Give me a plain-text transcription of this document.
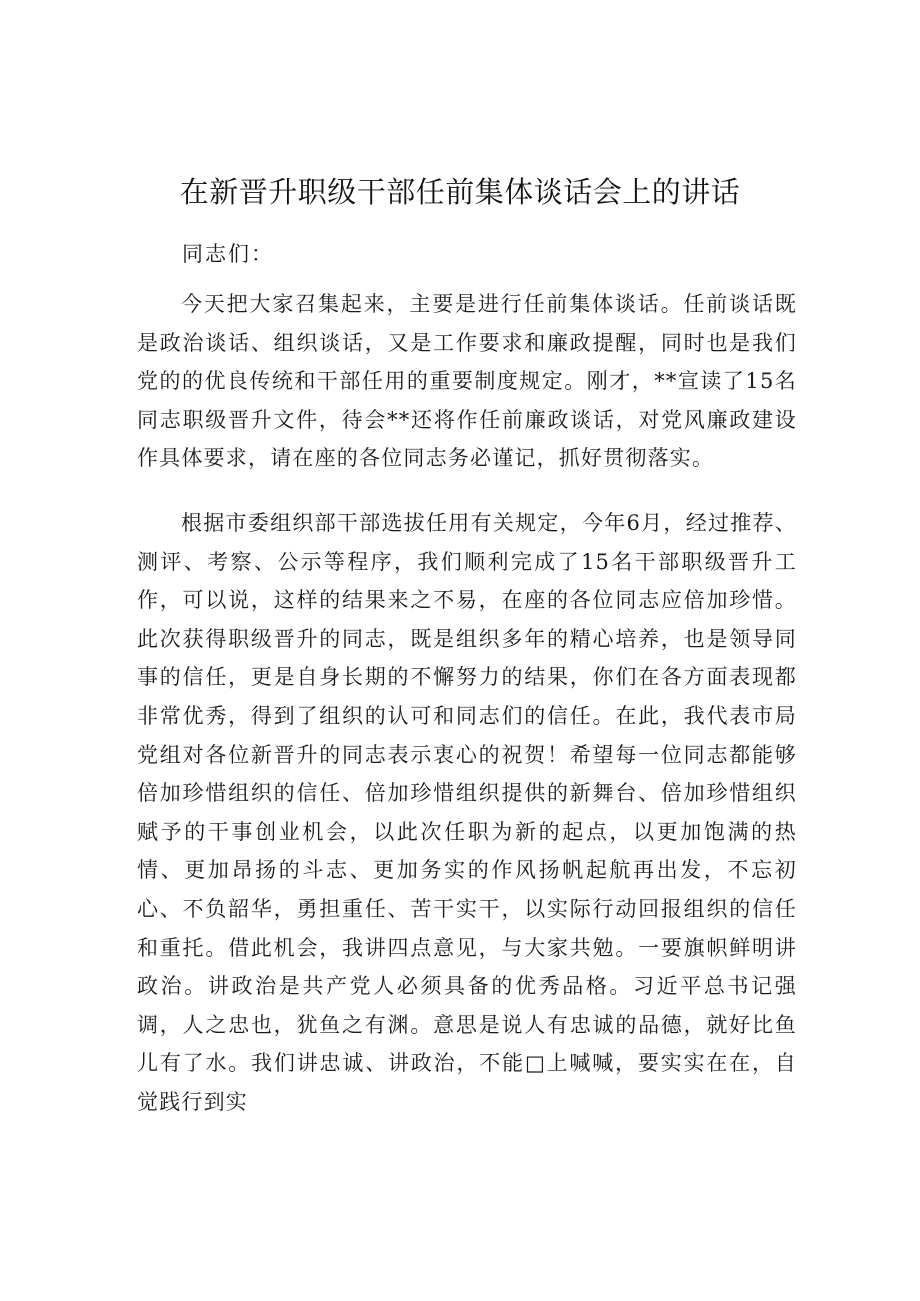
在新晋升职级干部任前集体谈话会上的讲话

同志们：

今天把大家召集起来，主要是进行任前集体谈话。任前谈话既是政治谈话、组织谈话，又是工作要求和廉政提醒，同时也是我们党的的优良传统和干部任用的重要制度规定。刚才，**宣读了15名同志职级晋升文件，待会**还将作任前廉政谈话，对党风廉政建设作具体要求，请在座的各位同志务必谨记，抓好贯彻落实。

根据市委组织部干部选拔任用有关规定，今年6月，经过推荐、测评、考察、公示等程序，我们顺利完成了15名干部职级晋升工作，可以说，这样的结果来之不易，在座的各位同志应倍加珍惜。此次获得职级晋升的同志，既是组织多年的精心培养，也是领导同事的信任，更是自身长期的不懈努力的结果，你们在各方面表现都非常优秀，得到了组织的认可和同志们的信任。在此，我代表市局党组对各位新晋升的同志表示衷心的祝贺！希望每一位同志都能够倍加珍惜组织的信任、倍加珍惜组织提供的新舞台、倍加珍惜组织赋予的干事创业机会，以此次任职为新的起点，以更加饱满的热情、更加昂扬的斗志、更加务实的作风扬帆起航再出发，不忘初心、不负韶华，勇担重任、苦干实干，以实际行动回报组织的信任和重托。借此机会，我讲四点意见，与大家共勉。一要旗帜鲜明讲政治。讲政治是共产党人必须具备的优秀品格。习近平总书记强调，人之忠也，犹鱼之有渊。意思是说人有忠诚的品德，就好比鱼儿有了水。我们讲忠诚、讲政治，不能□上喊喊，要实实在在，自觉践行到实
